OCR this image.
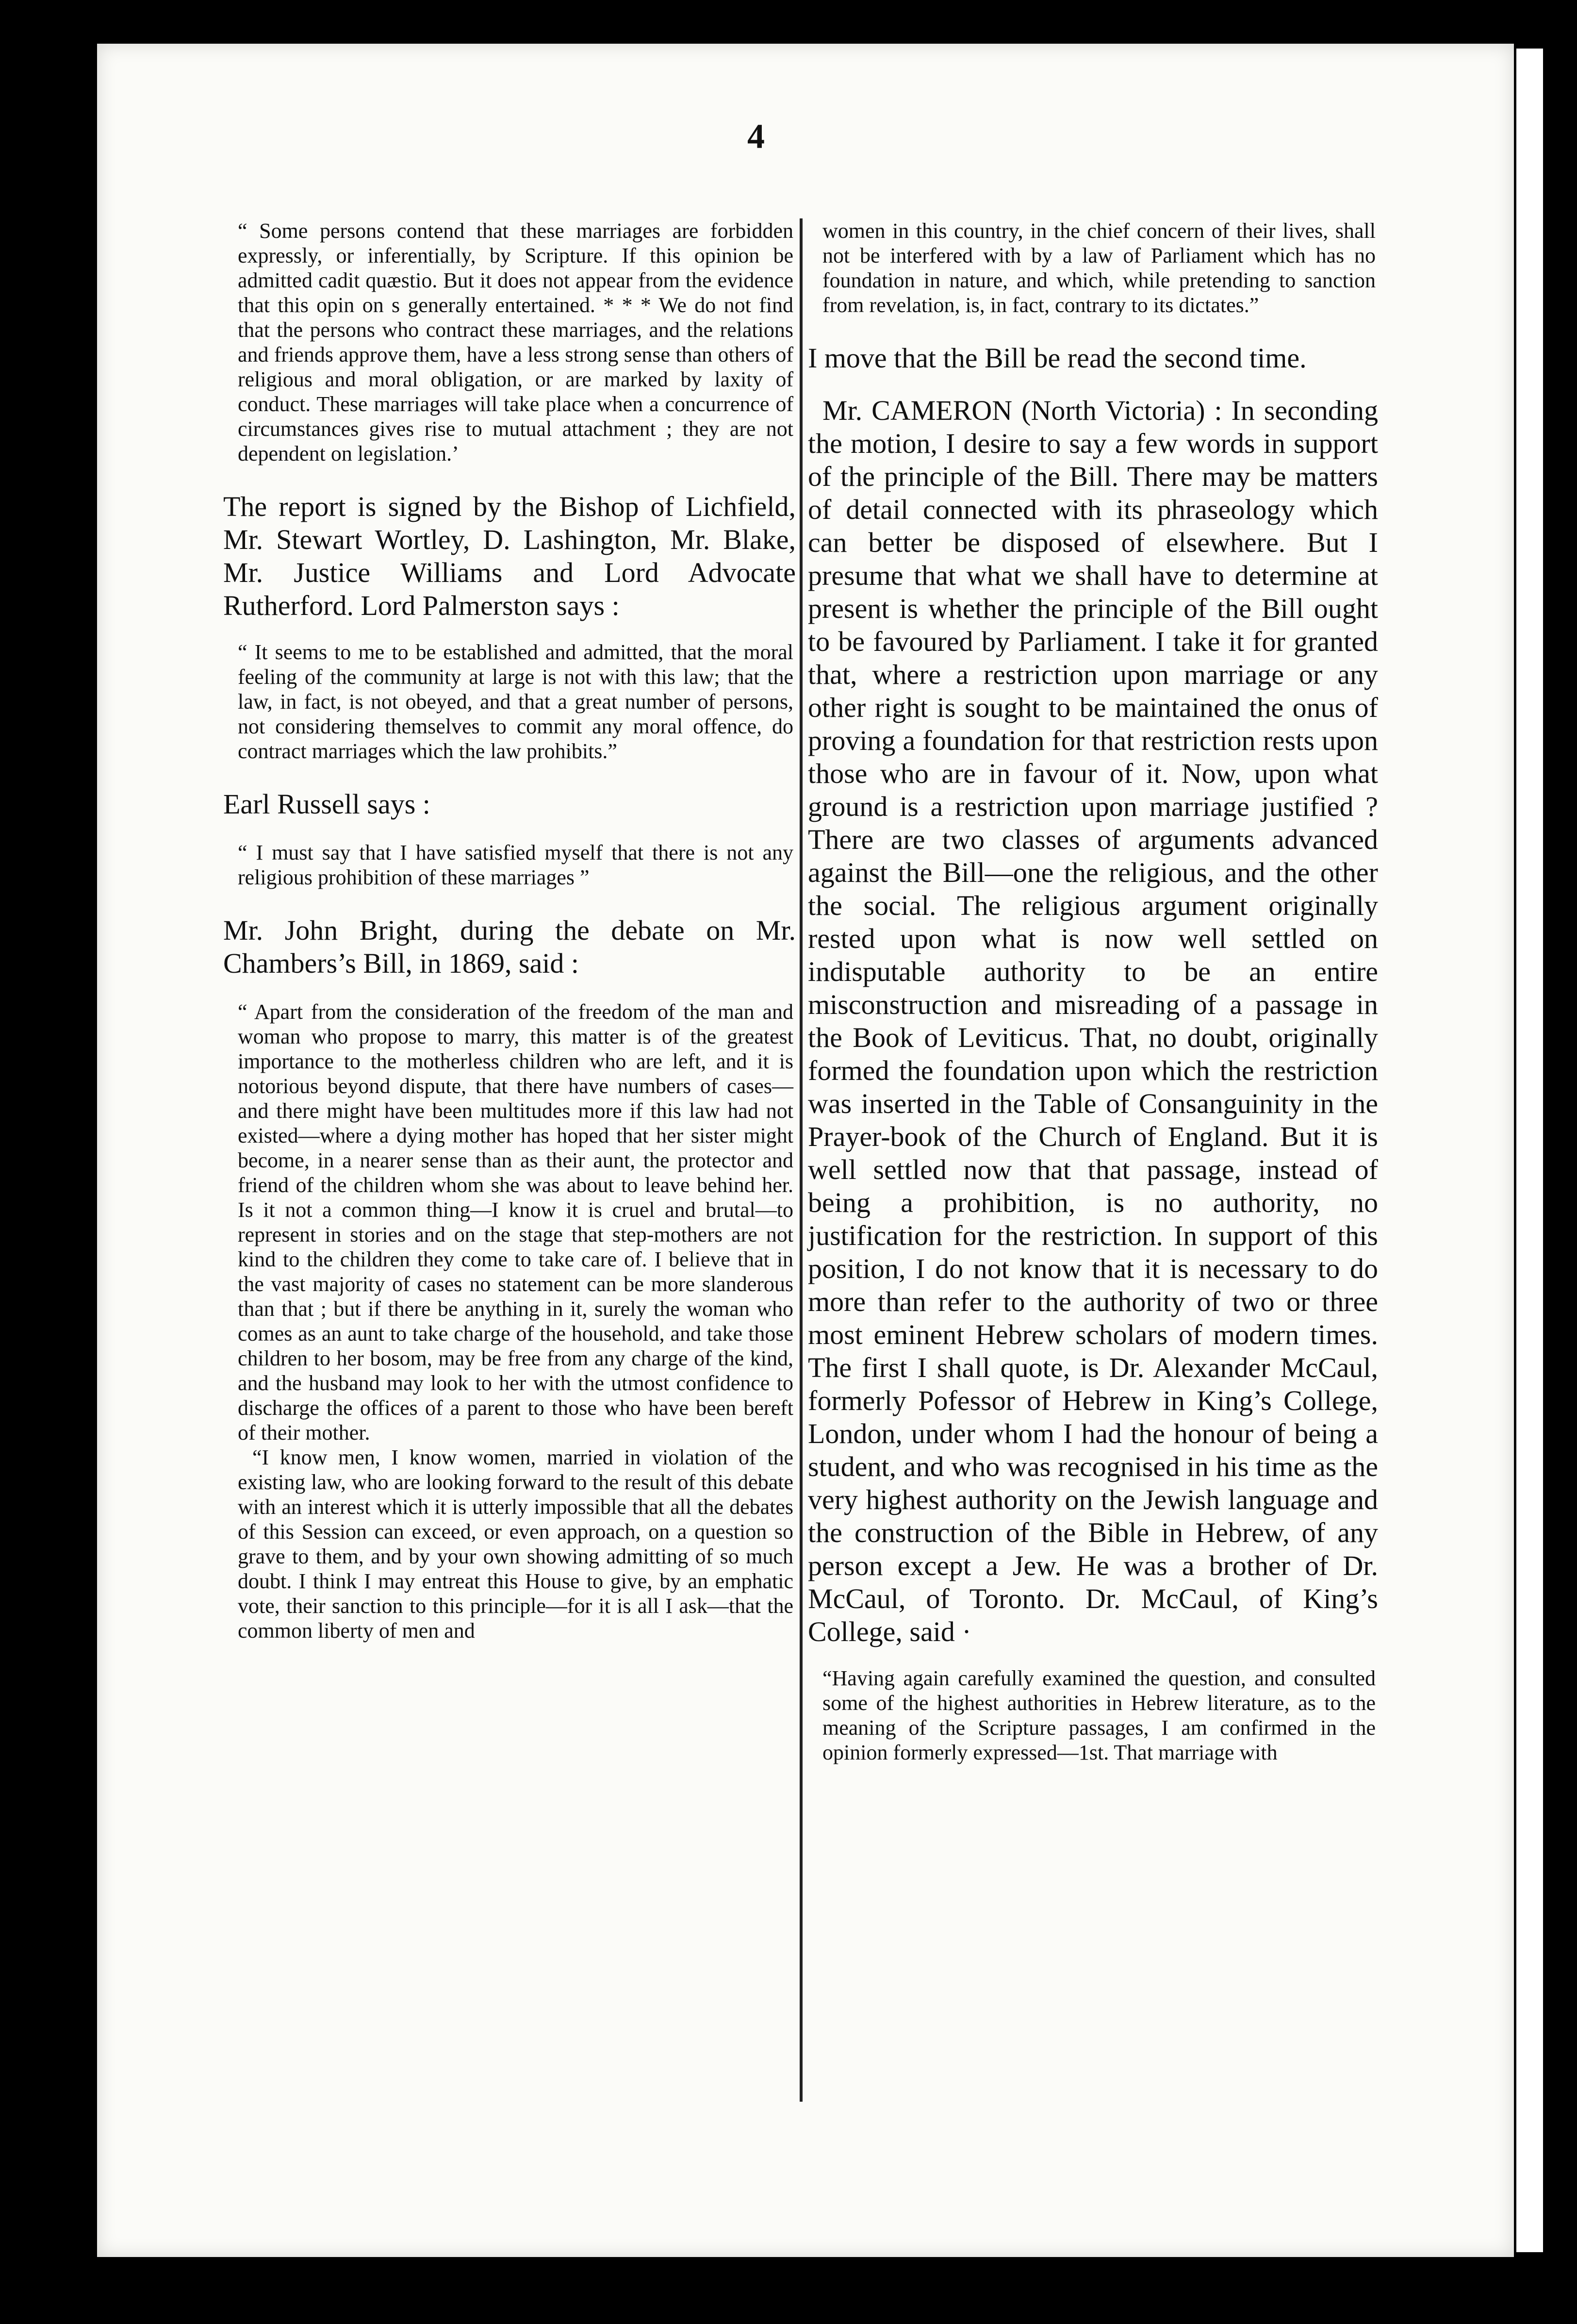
4

“ Some persons contend that these marriages are forbidden expressly, or inferentially, by Scripture. If this opinion be admitted cadit quæstio. But it does not appear from the evidence that this opin on s generally entertained. * * * We do not find that the persons who contract these marriages, and the relations and friends approve them, have a less strong sense than others of religious and moral obligation, or are marked by laxity of conduct. These marriages will take place when a concurrence of circumstances gives rise to mutual attachment ; they are not dependent on legislation.’

The report is signed by the Bishop of Lichfield, Mr. Stewart Wortley, D. Lashington, Mr. Blake, Mr. Justice Williams and Lord Advocate Rutherford. Lord Palmerston says :

“ It seems to me to be established and admitted, that the moral feeling of the community at large is not with this law; that the law, in fact, is not obeyed, and that a great number of persons, not considering themselves to commit any moral offence, do contract marriages which the law prohibits.”

Earl Russell says :

“ I must say that I have satisfied myself that there is not any religious prohibition of these marriages ”

Mr. John Bright, during the debate on Mr. Chambers’s Bill, in 1869, said :

“ Apart from the consideration of the freedom of the man and woman who propose to marry, this matter is of the greatest importance to the motherless children who are left, and it is notorious beyond dispute, that there have numbers of cases—and there might have been multitudes more if this law had not existed—where a dying mother has hoped that her sister might become, in a nearer sense than as their aunt, the protector and friend of the children whom she was about to leave behind her. Is it not a common thing—I know it is cruel and brutal—to represent in stories and on the stage that step-mothers are not kind to the children they come to take care of. I believe that in the vast majority of cases no statement can be more slanderous than that ; but if there be anything in it, surely the woman who comes as an aunt to take charge of the household, and take those children to her bosom, may be free from any charge of the kind, and the husband may look to her with the utmost confidence to discharge the offices of a parent to those who have been bereft of their mother.

“I know men, I know women, married in violation of the existing law, who are looking forward to the result of this debate with an interest which it is utterly impossible that all the debates of this Session can exceed, or even approach, on a question so grave to them, and by your own showing admitting of so much doubt. I think I may entreat this House to give, by an emphatic vote, their sanction to this principle—for it is all I ask—that the common liberty of men and

women in this country, in the chief concern of their lives, shall not be interfered with by a law of Parliament which has no foundation in nature, and which, while pretending to sanction from revelation, is, in fact, contrary to its dictates.”

I move that the Bill be read the second time.

Mr. CAMERON (North Victoria) : In seconding the motion, I desire to say a few words in support of the principle of the Bill. There may be matters of detail connected with its phraseology which can better be disposed of elsewhere. But I presume that what we shall have to determine at present is whether the principle of the Bill ought to be favoured by Parliament. I take it for granted that, where a restriction upon marriage or any other right is sought to be maintained the onus of proving a foundation for that restriction rests upon those who are in favour of it. Now, upon what ground is a restriction upon marriage justified ? There are two classes of arguments advanced against the Bill—one the religious, and the other the social. The religious argument originally rested upon what is now well settled on indisputable authority to be an entire misconstruction and misreading of a passage in the Book of Leviticus. That, no doubt, originally formed the foundation upon which the restriction was inserted in the Table of Consanguinity in the Prayer-book of the Church of England. But it is well settled now that that passage, instead of being a prohibition, is no authority, no justification for the restriction. In support of this position, I do not know that it is necessary to do more than refer to the authority of two or three most eminent Hebrew scholars of modern times. The first I shall quote, is Dr. Alexander McCaul, formerly Pofessor of Hebrew in King’s College, London, under whom I had the honour of being a student, and who was recognised in his time as the very highest authority on the Jewish language and the construction of the Bible in Hebrew, of any person except a Jew. He was a brother of Dr. McCaul, of Toronto. Dr. McCaul, of King’s College, said ·

“Having again carefully examined the question, and consulted some of the highest authorities in Hebrew literature, as to the meaning of the Scripture passages, I am confirmed in the opinion formerly expressed—1st. That marriage with
